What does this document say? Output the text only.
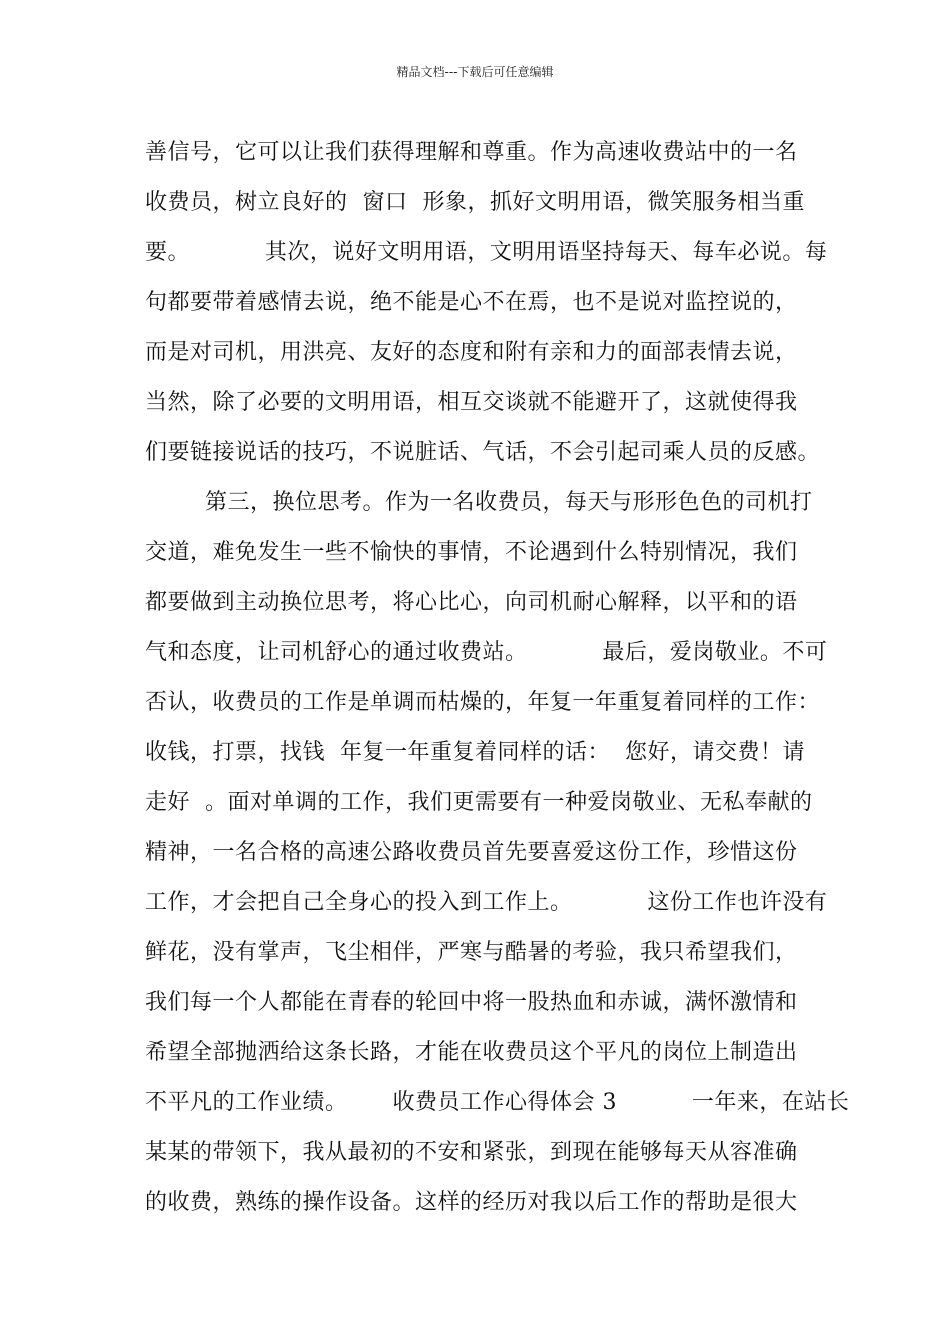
精品文档---下载后可任意编辑
善信号，它可以让我们获得理解和尊重。作为高速收费站中的一名
收费员，树立良好的  窗口  形象，抓好文明用语，微笑服务相当重
要。          其次，说好文明用语，文明用语坚持每天、每车必说。每
句都要带着感情去说，绝不能是心不在焉，也不是说对监控说的，
而是对司机，用洪亮、友好的态度和附有亲和力的面部表情去说，
当然，除了必要的文明用语，相互交谈就不能避开了，这就使得我
们要链接说话的技巧，不说脏话、气话，不会引起司乘人员的反感。
第三，换位思考。作为一名收费员，每天与形形色色的司机打
交道，难免发生一些不愉快的事情，不论遇到什么特别情况，我们
都要做到主动换位思考，将心比心，向司机耐心解释，以平和的语
气和态度，让司机舒心的通过收费站。          最后，爱岗敬业。不可
否认，收费员的工作是单调而枯燥的，年复一年重复着同样的工作：
收钱，打票，找钱  年复一年重复着同样的话：  您好，请交费！请
走好  。面对单调的工作，我们更需要有一种爱岗敬业、无私奉献的
精神，一名合格的高速公路收费员首先要喜爱这份工作，珍惜这份
工作，才会把自己全身心的投入到工作上。          这份工作也许没有
鲜花，没有掌声，飞尘相伴，严寒与酷暑的考验，我只希望我们，
我们每一个人都能在青春的轮回中将一股热血和赤诚，满怀激情和
希望全部抛洒给这条长路，才能在收费员这个平凡的岗位上制造出
不平凡的工作业绩。      收费员工作心得体会 3          一年来，在站长
某某的带领下，我从最初的不安和紧张，到现在能够每天从容准确
的收费，熟练的操作设备。这样的经历对我以后工作的帮助是很大
